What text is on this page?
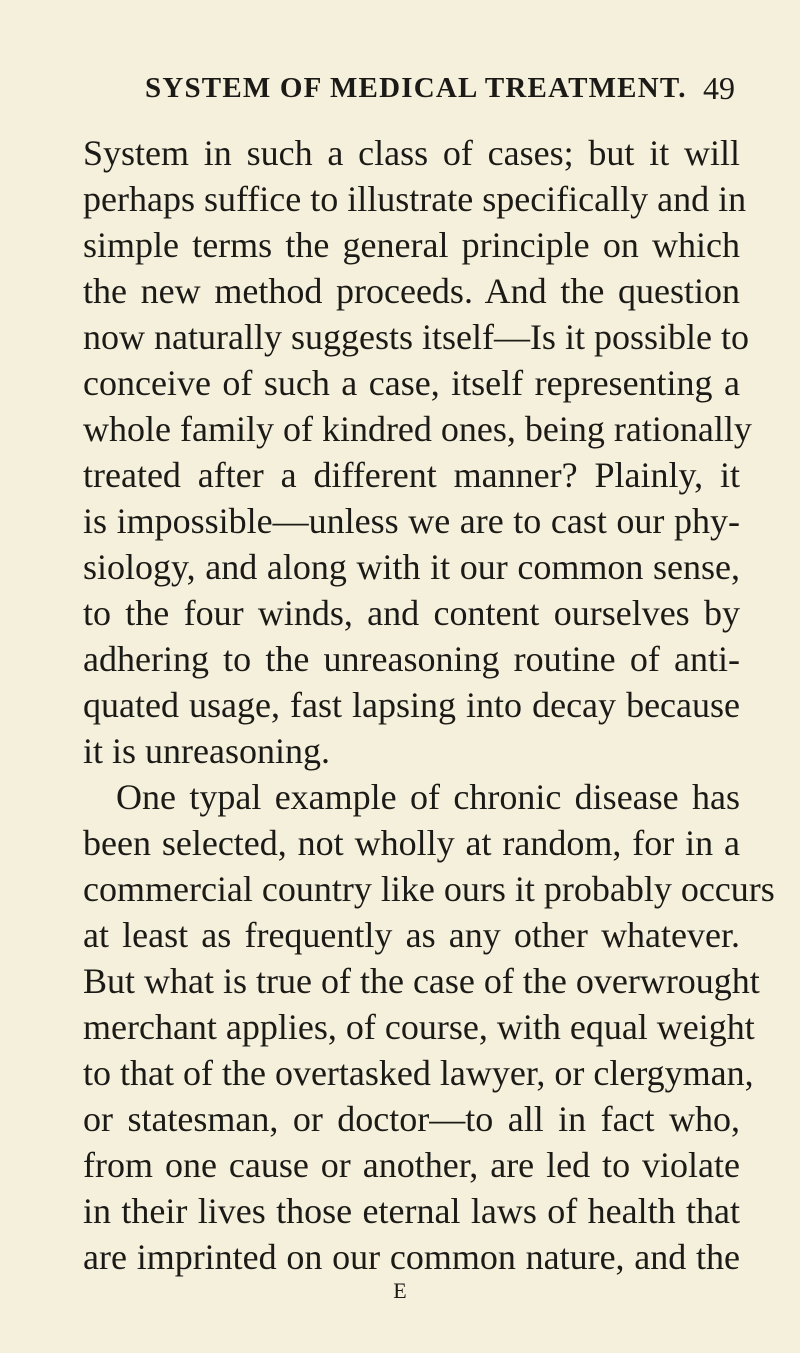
SYSTEM OF MEDICAL TREATMENT. 49
System in such a class of cases; but it will
perhaps suffice to illustrate specifically and in
simple terms the general principle on which
the new method proceeds. And the question
now naturally suggests itself—Is it possible to
conceive of such a case, itself representing a
whole family of kindred ones, being rationally
treated after a different manner? Plainly, it
is impossible—unless we are to cast our phy-
siology, and along with it our common sense,
to the four winds, and content ourselves by
adhering to the unreasoning routine of anti-
quated usage, fast lapsing into decay because
it is unreasoning.
One typal example of chronic disease has
been selected, not wholly at random, for in a
commercial country like ours it probably occurs
at least as frequently as any other whatever.
But what is true of the case of the overwrought
merchant applies, of course, with equal weight
to that of the overtasked lawyer, or clergyman,
or statesman, or doctor—to all in fact who,
from one cause or another, are led to violate
in their lives those eternal laws of health that
are imprinted on our common nature, and the
E
